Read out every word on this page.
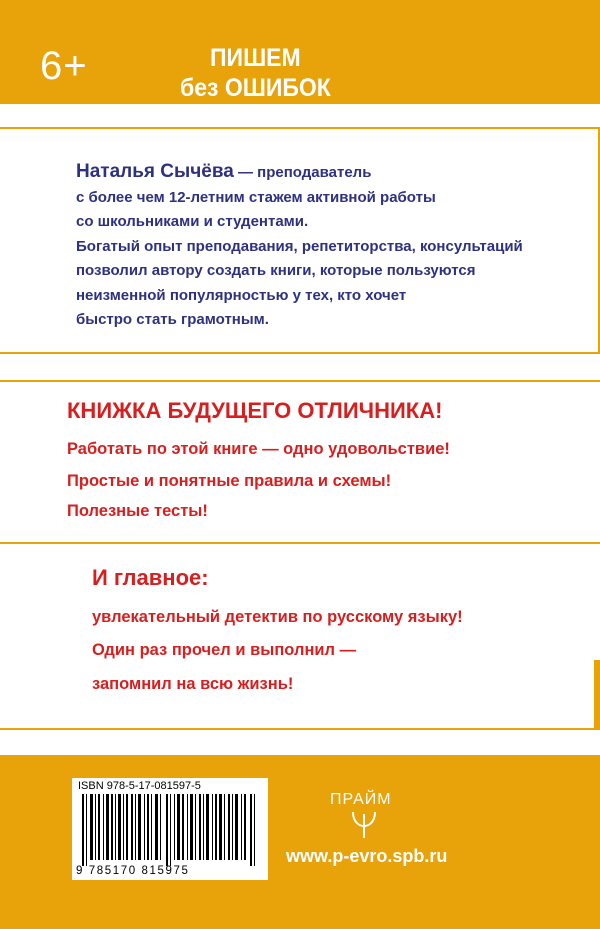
6+	ПИШЕМ
без ОШИБОК
Наталья Сычёва — преподаватель
с более чем 12-летним стажем активной работы
со школьниками и студентами.
Богатый опыт преподавания, репетиторства, консультаций
позволил автору создать книги, которые пользуются
неизменной популярностью у тех, кто хочет
быстро стать грамотным.
КНИЖКА БУДУЩЕГО ОТЛИЧНИКА!
Работать по этой книге — одно удовольствие!
Простые и понятные правила и схемы!
Полезные тесты!
И главное:
увлекательный детектив по русскому языку!
Один раз прочел и выполнил —
запомнил на всю жизнь!
ISBN 978-5-17-081597-5
9 785170 815975
ПРАЙМ
www.p-evro.spb.ru
